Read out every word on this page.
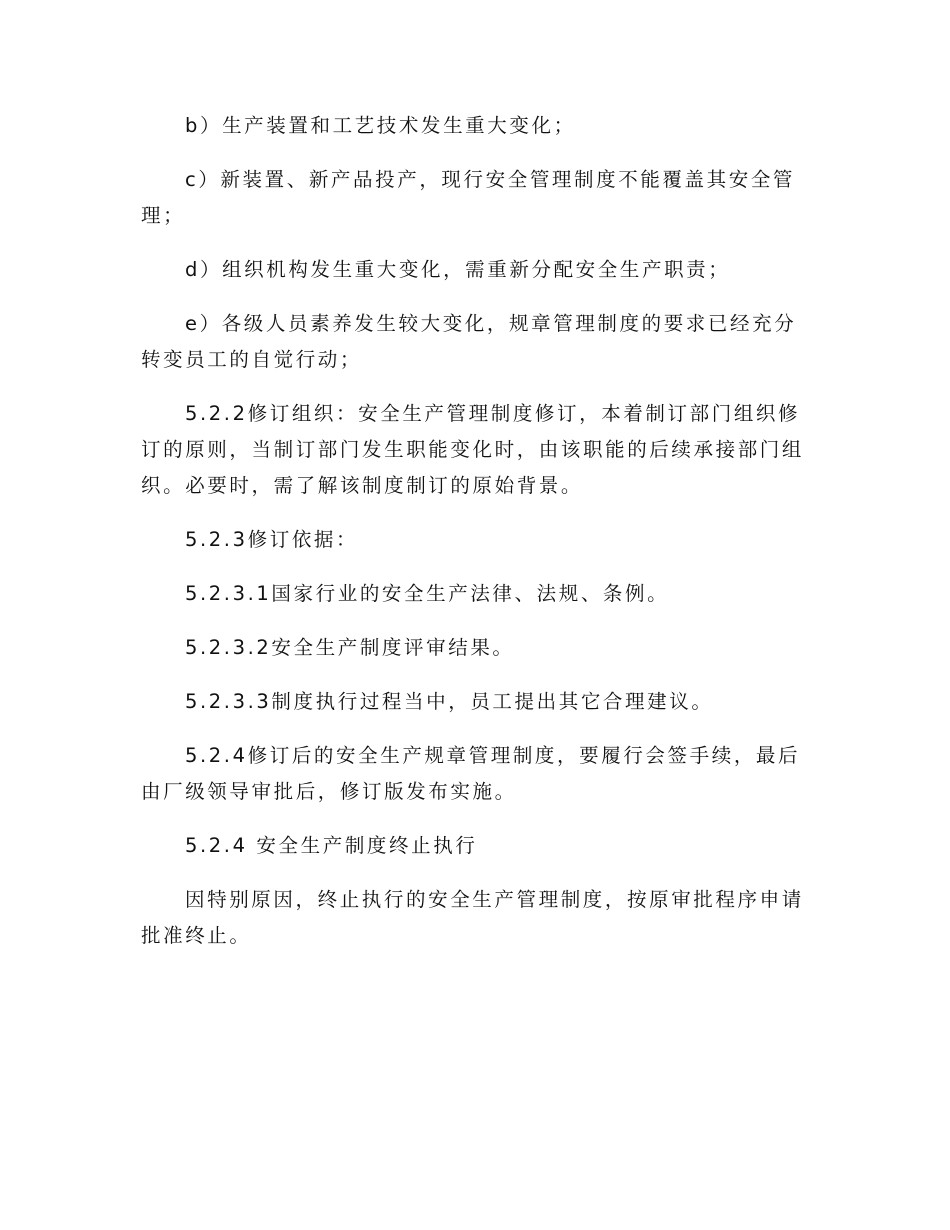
b）生产装置和工艺技术发生重大变化；

c）新装置、新产品投产，现行安全管理制度不能覆盖其安全管理；

d）组织机构发生重大变化，需重新分配安全生产职责；

e）各级人员素养发生较大变化，规章管理制度的要求已经充分转变员工的自觉行动；

5.2.2修订组织：安全生产管理制度修订，本着制订部门组织修订的原则，当制订部门发生职能变化时，由该职能的后续承接部门组织。必要时，需了解该制度制订的原始背景。

5.2.3修订依据：

5.2.3.1国家行业的安全生产法律、法规、条例。

5.2.3.2安全生产制度评审结果。

5.2.3.3制度执行过程当中，员工提出其它合理建议。

5.2.4修订后的安全生产规章管理制度，要履行会签手续，最后由厂级领导审批后，修订版发布实施。

5.2.4 安全生产制度终止执行

因特别原因，终止执行的安全生产管理制度，按原审批程序申请批准终止。
